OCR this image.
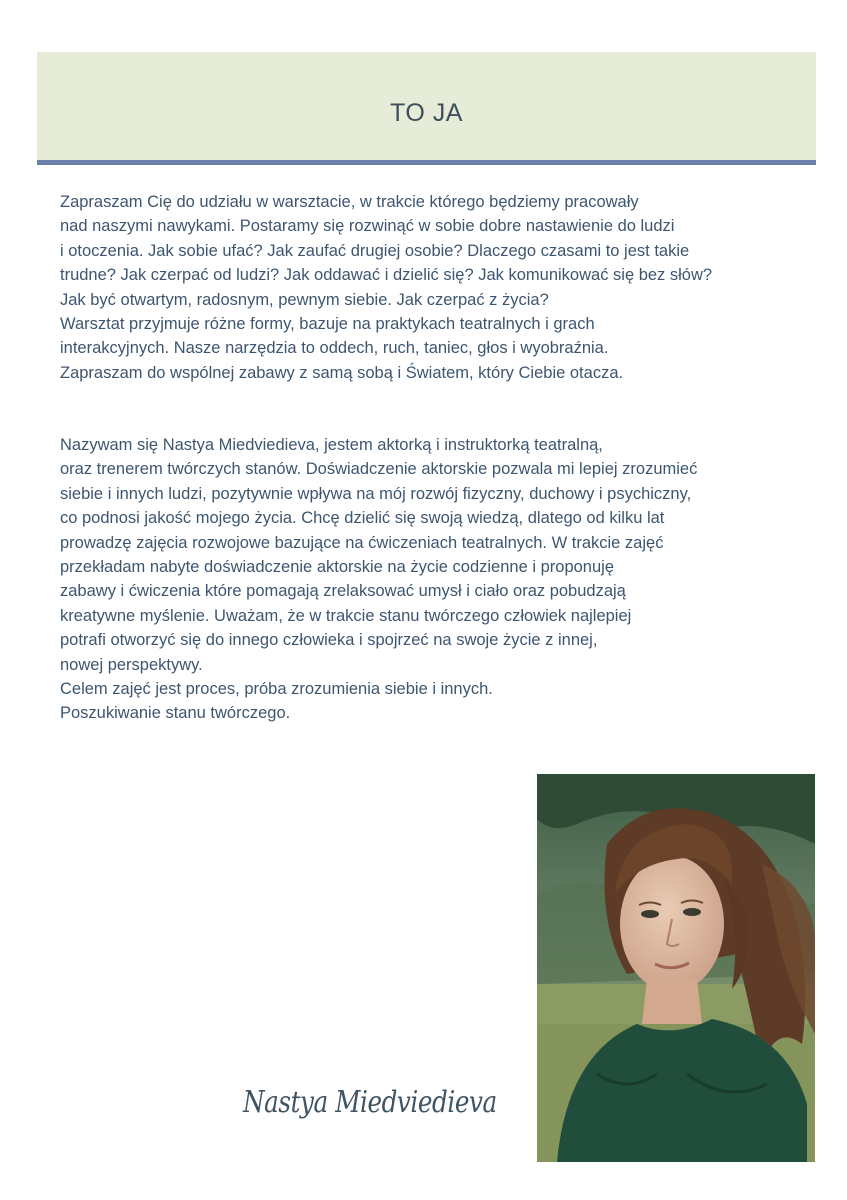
TO JA

Zapraszam Cię do udziału w warsztacie, w trakcie którego będziemy pracowały
nad naszymi nawykami. Postaramy się rozwinąć w sobie dobre nastawienie do ludzi
i otoczenia. Jak sobie ufać? Jak zaufać drugiej osobie? Dlaczego czasami to jest takie
trudne? Jak czerpać od ludzi? Jak oddawać i dzielić się? Jak komunikować się bez słów?
Jak być otwartym, radosnym, pewnym siebie. Jak czerpać z życia?
Warsztat przyjmuje różne formy, bazuje na praktykach teatralnych i grach
interakcyjnych. Nasze narzędzia to oddech, ruch, taniec, głos i wyobraźnia.
Zapraszam do wspólnej zabawy z samą sobą i Światem, który Ciebie otacza.

Nazywam się Nastya Miedviedieva, jestem aktorką i instruktorką teatralną,
oraz trenerem twórczych stanów. Doświadczenie aktorskie pozwala mi lepiej zrozumieć
siebie i innych ludzi, pozytywnie wpływa na mój rozwój fizyczny, duchowy i psychiczny,
co podnosi jakość mojego życia. Chcę dzielić się swoją wiedzą, dlatego od kilku lat
prowadzę zajęcia rozwojowe bazujące na ćwiczeniach teatralnych. W trakcie zajęć
przekładam nabyte doświadczenie aktorskie na życie codzienne i proponuję
zabawy i ćwiczenia które pomagają zrelaksować umysł i ciało oraz pobudzają
kreatywne myślenie. Uważam, że w trakcie stanu twórczego człowiek najlepiej
potrafi otworzyć się do innego człowieka i spojrzeć na swoje życie z innej,
nowej perspektywy.
Celem zajęć jest proces, próba zrozumienia siebie i innych.
Poszukiwanie stanu twórczego.

Nastya Miedviedieva
